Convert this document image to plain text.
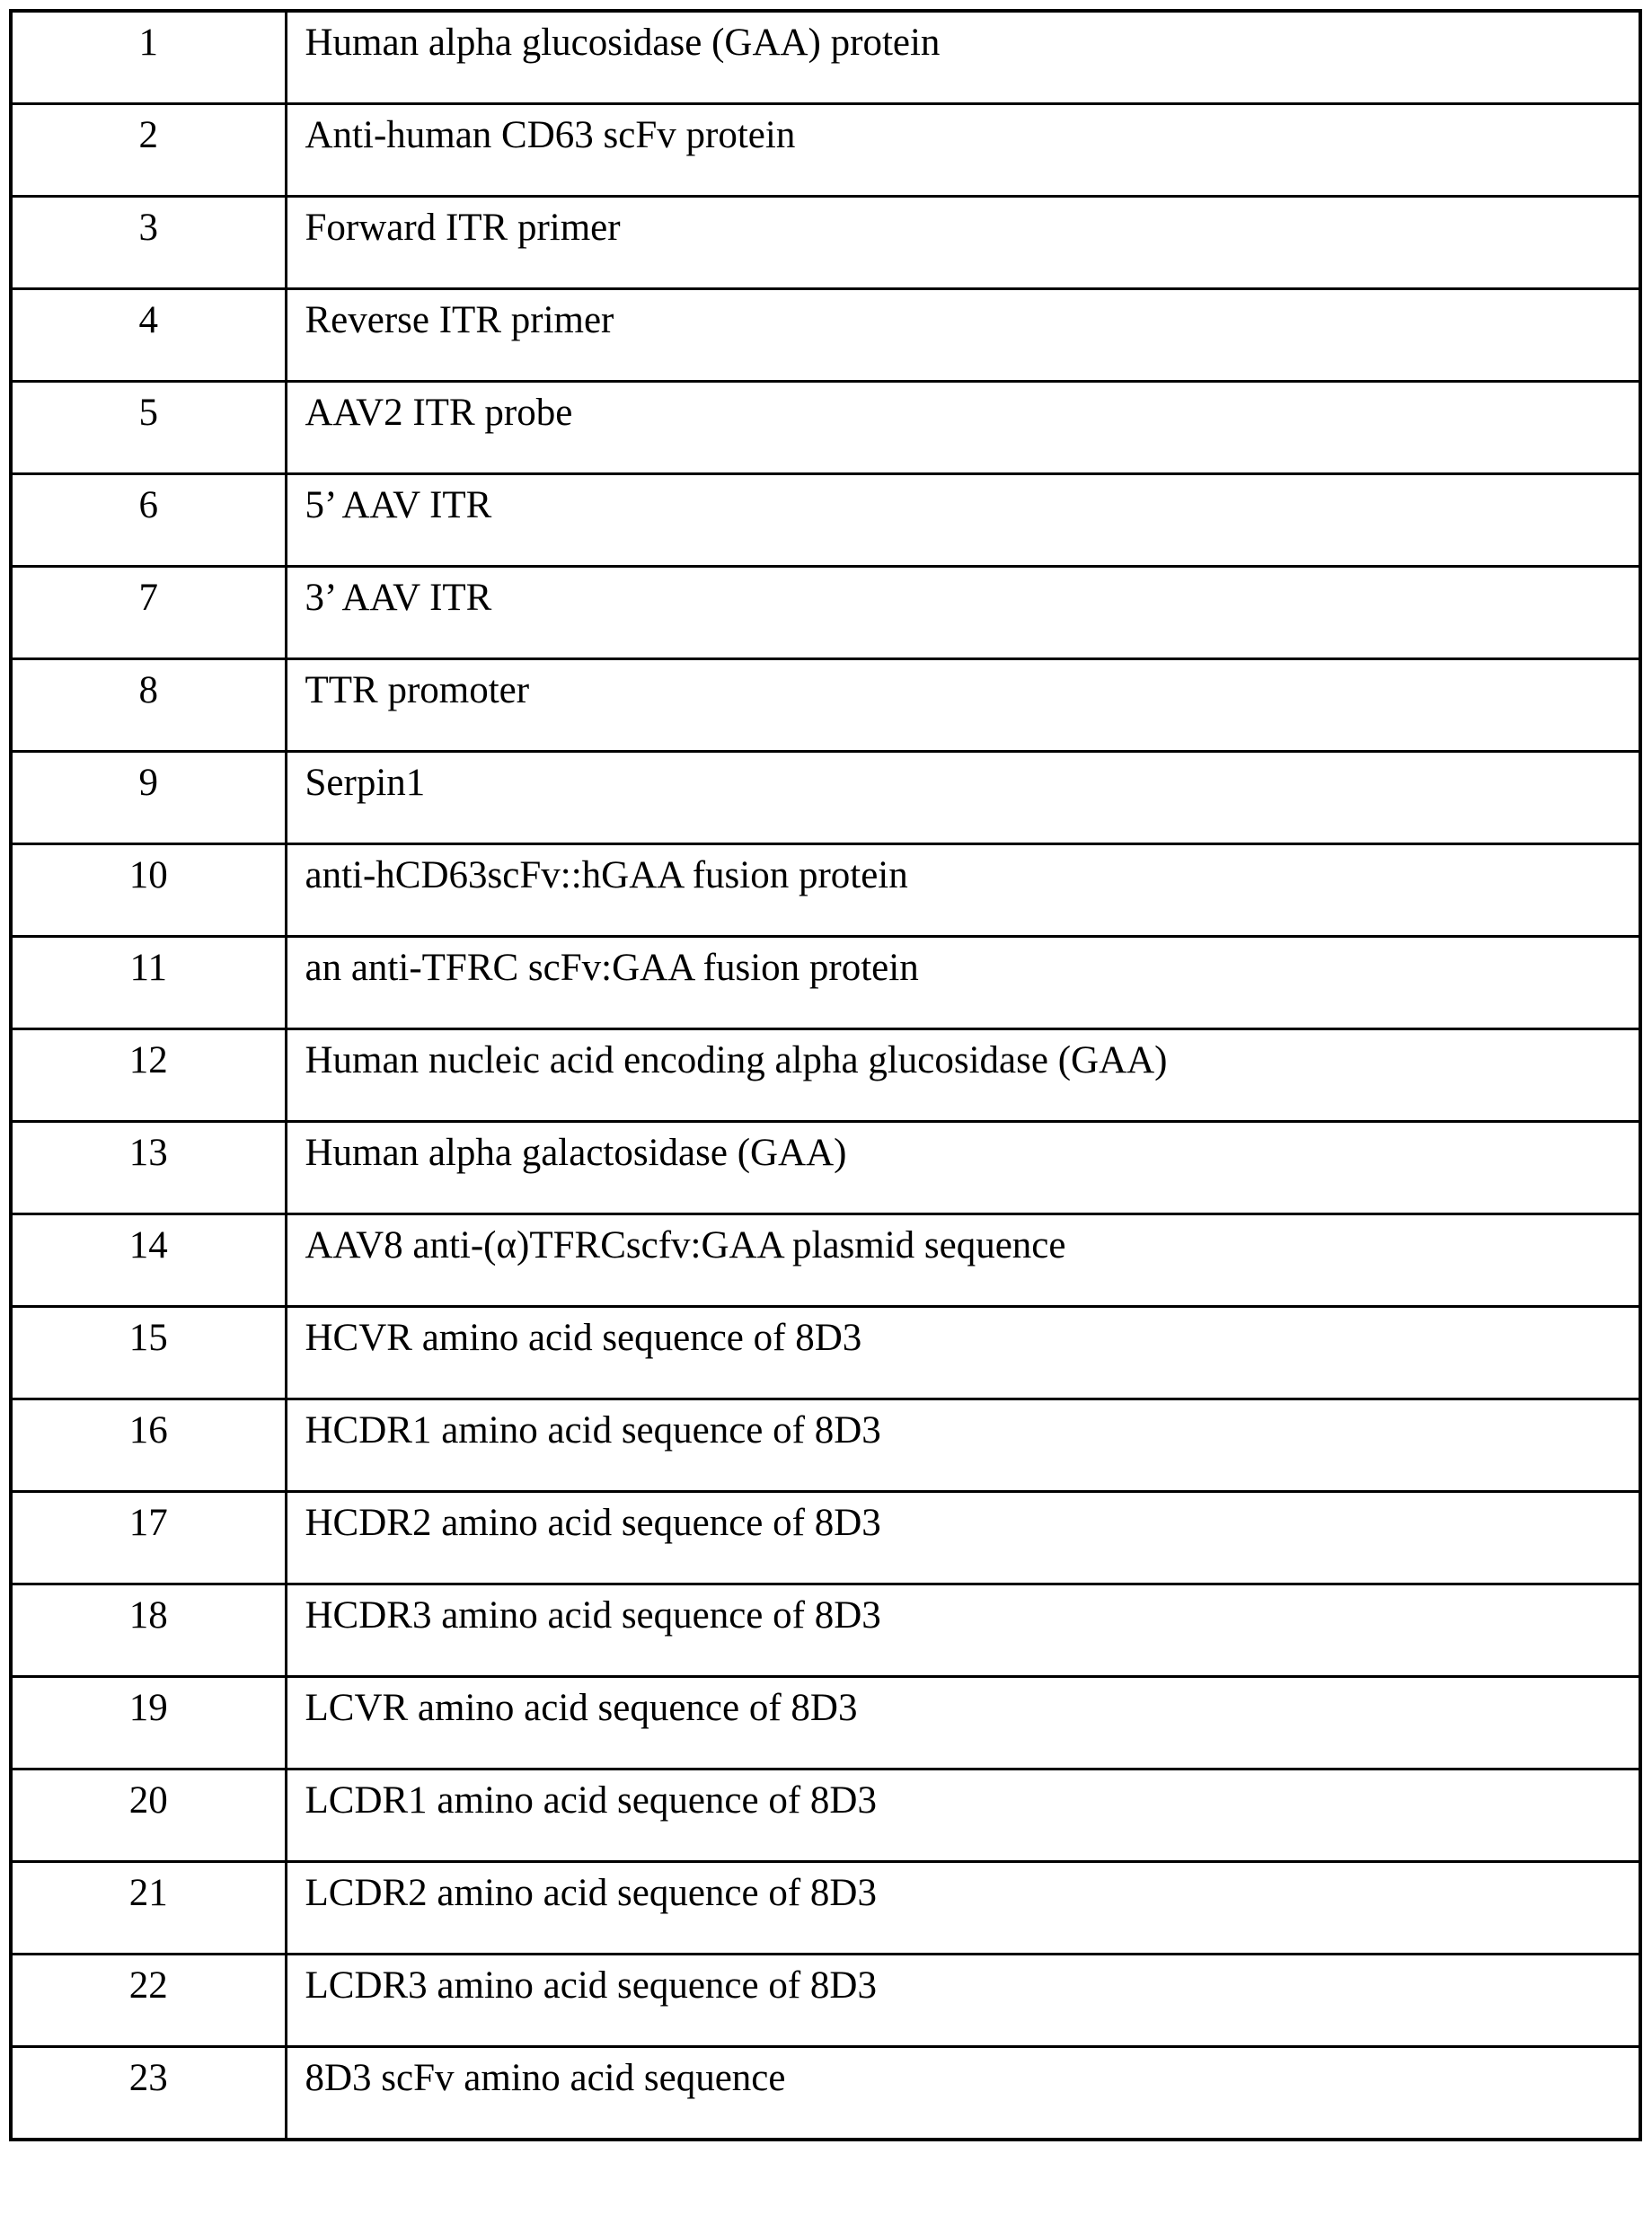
1	Human alpha glucosidase (GAA) protein

2	Anti-human CD63 scFv protein

3	Forward ITR primer

4	Reverse ITR primer

5	AAV2 ITR probe

6	5’ AAV ITR

7	3’ AAV ITR

8	TTR promoter

9	Serpin1

10	anti-hCD63scFv::hGAA fusion protein

11	an anti-TFRC scFv:GAA fusion protein

12	Human nucleic acid encoding alpha glucosidase (GAA)

13	Human alpha galactosidase (GAA)

14	AAV8 anti-(α)TFRCscfv:GAA plasmid sequence

15	HCVR amino acid sequence of 8D3

16	HCDR1 amino acid sequence of 8D3

17	HCDR2 amino acid sequence of 8D3

18	HCDR3 amino acid sequence of 8D3

19	LCVR amino acid sequence of 8D3

20	LCDR1 amino acid sequence of 8D3

21	LCDR2 amino acid sequence of 8D3

22	LCDR3 amino acid sequence of 8D3

23	8D3 scFv amino acid sequence
